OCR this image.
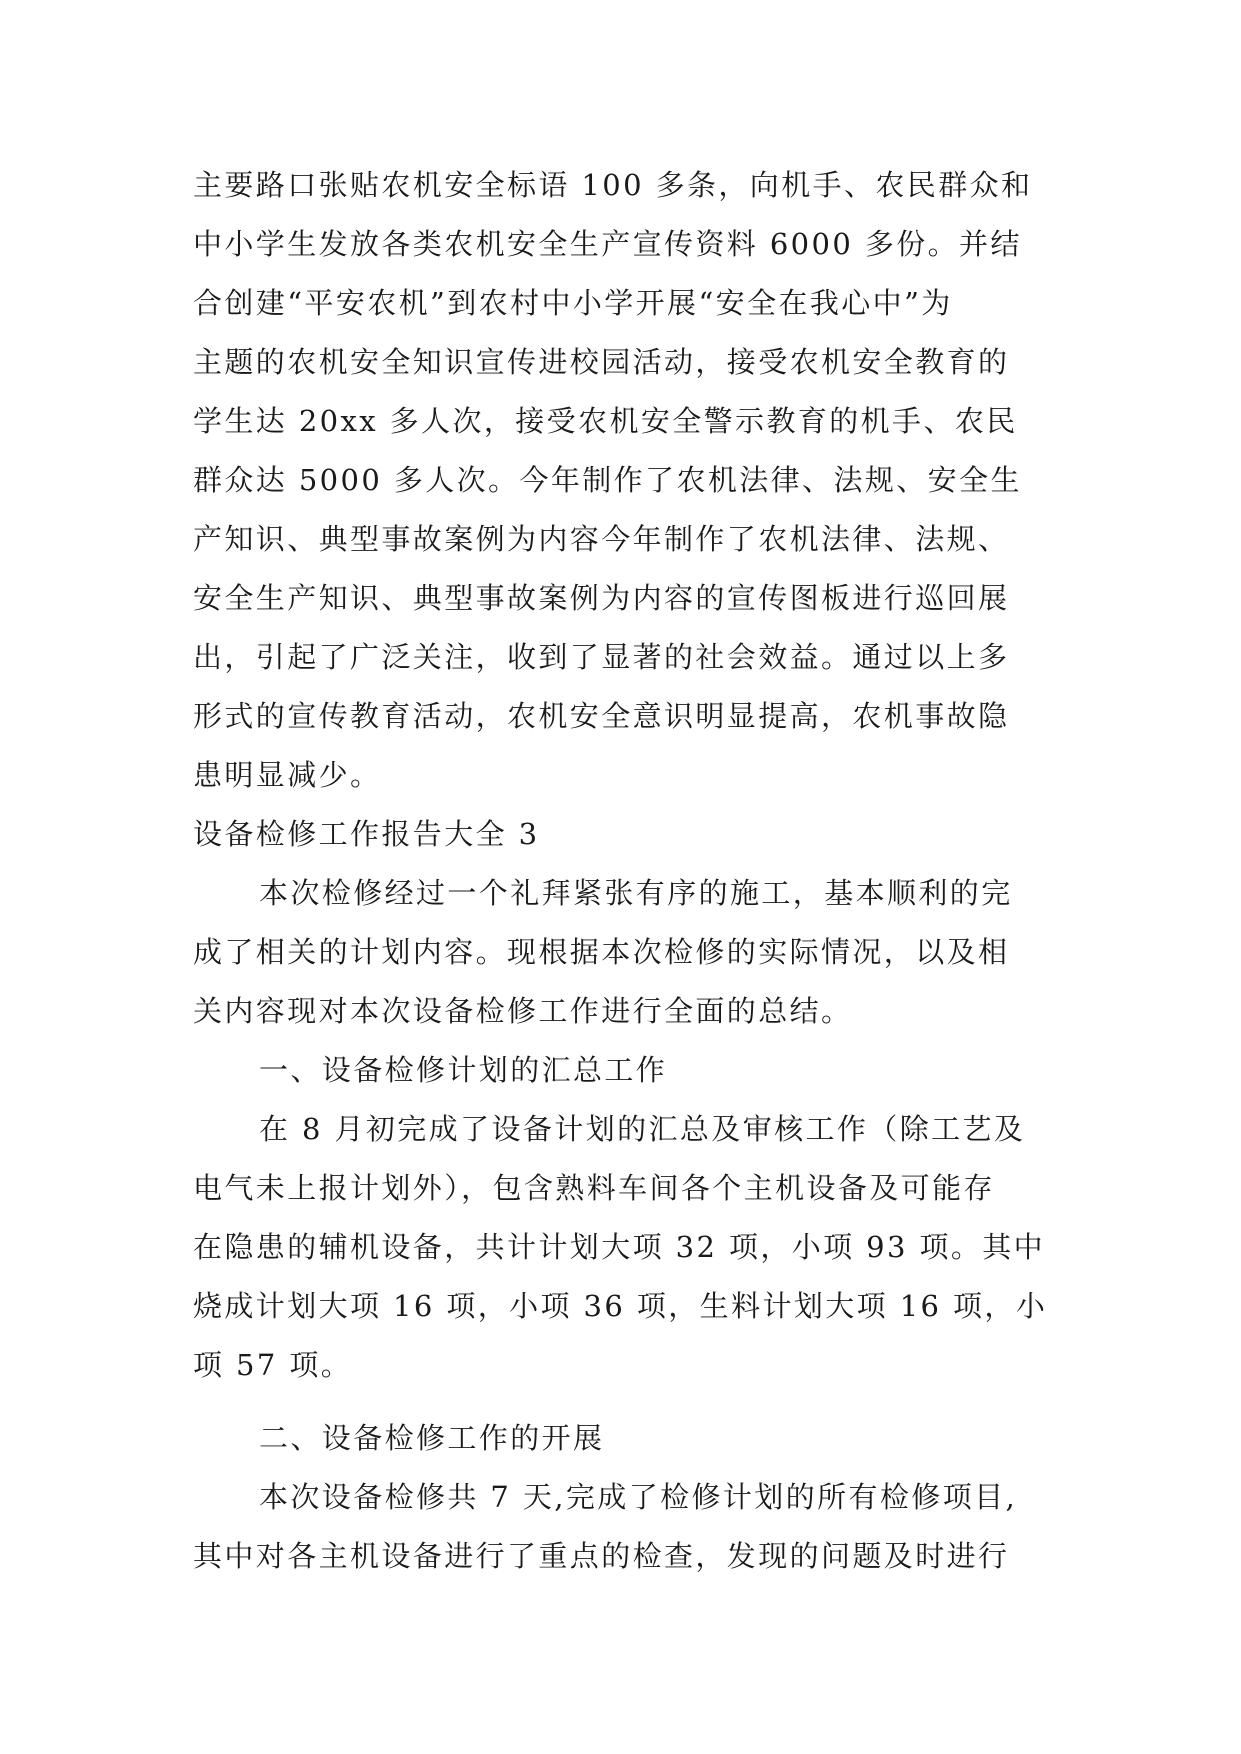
主要路口张贴农机安全标语 100 多条，向机手、农民群众和
中小学生发放各类农机安全生产宣传资料 6000 多份。并结
合创建“平安农机”到农村中小学开展“安全在我心中”为
主题的农机安全知识宣传进校园活动，接受农机安全教育的
学生达 20xx 多人次，接受农机安全警示教育的机手、农民
群众达 5000 多人次。今年制作了农机法律、法规、安全生
产知识、典型事故案例为内容今年制作了农机法律、法规、
安全生产知识、典型事故案例为内容的宣传图板进行巡回展
出，引起了广泛关注，收到了显著的社会效益。通过以上多
形式的宣传教育活动，农机安全意识明显提高，农机事故隐
患明显减少。
设备检修工作报告大全 3
本次检修经过一个礼拜紧张有序的施工，基本顺利的完
成了相关的计划内容。现根据本次检修的实际情况，以及相
关内容现对本次设备检修工作进行全面的总结。
一、设备检修计划的汇总工作
在 8 月初完成了设备计划的汇总及审核工作（除工艺及
电气未上报计划外），包含熟料车间各个主机设备及可能存
在隐患的辅机设备，共计计划大项 32 项，小项 93 项。其中
烧成计划大项 16 项，小项 36 项，生料计划大项 16 项，小
项 57 项。
二、设备检修工作的开展
本次设备检修共 7 天,完成了检修计划的所有检修项目,
其中对各主机设备进行了重点的检查，发现的问题及时进行
